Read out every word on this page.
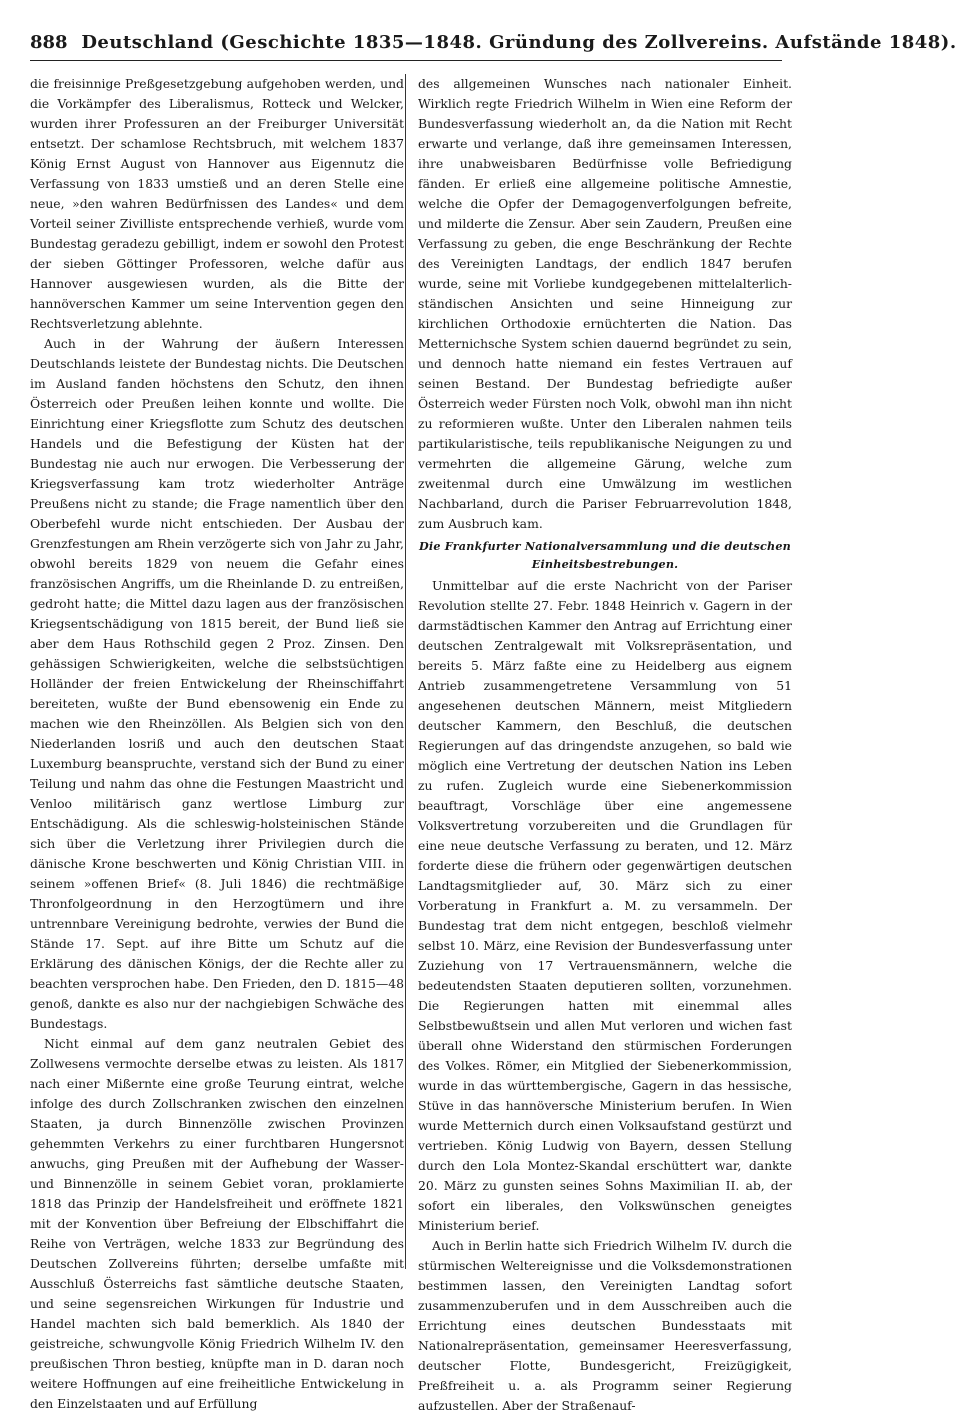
888 Deutschland (Geschichte 1835—1848. Gründung des Zollvereins. Aufstände 1848).

die freisinnige Preßgesetzgebung aufgehoben werden, und die Vorkämpfer des Liberalismus, Rotteck und Welcker, wurden ihrer Professuren an der Freiburger Universität entsetzt. Der schamlose Rechtsbruch, mit welchem 1837 König Ernst August von Hannover aus Eigennutz die Verfassung von 1833 umstieß und an deren Stelle eine neue, »den wahren Bedürfnissen des Landes« und dem Vorteil seiner Zivilliste entsprechende verhieß, wurde vom Bundestag geradezu gebilligt, indem er sowohl den Protest der sieben Göttinger Professoren, welche dafür aus Hannover ausgewiesen wurden, als die Bitte der hannöverschen Kammer um seine Intervention gegen den Rechtsverletzung ablehnte.

Auch in der Wahrung der äußern Interessen Deutschlands leistete der Bundestag nichts. Die Deutschen im Ausland fanden höchstens den Schutz, den ihnen Österreich oder Preußen leihen konnte und wollte. Die Einrichtung einer Kriegsflotte zum Schutz des deutschen Handels und die Befestigung der Küsten hat der Bundestag nie auch nur erwogen. Die Verbesserung der Kriegsverfassung kam trotz wiederholter Anträge Preußens nicht zu stande; die Frage namentlich über den Oberbefehl wurde nicht entschieden. Der Ausbau der Grenzfestungen am Rhein verzögerte sich von Jahr zu Jahr, obwohl bereits 1829 von neuem die Gefahr eines französischen Angriffs, um die Rheinlande D. zu entreißen, gedroht hatte; die Mittel dazu lagen aus der französischen Kriegsentschädigung von 1815 bereit, der Bund ließ sie aber dem Haus Rothschild gegen 2 Proz. Zinsen. Den gehässigen Schwierigkeiten, welche die selbstsüchtigen Holländer der freien Entwickelung der Rheinschiffahrt bereiteten, wußte der Bund ebensowenig ein Ende zu machen wie den Rheinzöllen. Als Belgien sich von den Niederlanden losriß und auch den deutschen Staat Luxemburg beanspruchte, verstand sich der Bund zu einer Teilung und nahm das ohne die Festungen Maastricht und Venloo militärisch ganz wertlose Limburg zur Entschädigung. Als die schleswig-holsteinischen Stände sich über die Verletzung ihrer Privilegien durch die dänische Krone beschwerten und König Christian VIII. in seinem »offenen Brief« (8. Juli 1846) die rechtmäßige Thronfolgeordnung in den Herzogtümern und ihre untrennbare Vereinigung bedrohte, verwies der Bund die Stände 17. Sept. auf ihre Bitte um Schutz auf die Erklärung des dänischen Königs, der die Rechte aller zu beachten versprochen habe. Den Frieden, den D. 1815—48 genoß, dankte es also nur der nachgiebigen Schwäche des Bundestags.

Nicht einmal auf dem ganz neutralen Gebiet des Zollwesens vermochte derselbe etwas zu leisten. Als 1817 nach einer Mißernte eine große Teurung eintrat, welche infolge des durch Zollschranken zwischen den einzelnen Staaten, ja durch Binnenzölle zwischen Provinzen gehemmten Verkehrs zu einer furchtbaren Hungersnot anwuchs, ging Preußen mit der Aufhebung der Wasser- und Binnenzölle in seinem Gebiet voran, proklamierte 1818 das Prinzip der Handelsfreiheit und eröffnete 1821 mit der Konvention über Befreiung der Elbschiffahrt die Reihe von Verträgen, welche 1833 zur Begründung des Deutschen Zollvereins führten; derselbe umfaßte mit Ausschluß Österreichs fast sämtliche deutsche Staaten, und seine segensreichen Wirkungen für Industrie und Handel machten sich bald bemerklich. Als 1840 der geistreiche, schwungvolle König Friedrich Wilhelm IV. den preußischen Thron bestieg, knüpfte man in D. daran noch weitere Hoffnungen auf eine freiheitliche Entwickelung in den Einzelstaaten und auf Erfüllung

des allgemeinen Wunsches nach nationaler Einheit. Wirklich regte Friedrich Wilhelm in Wien eine Reform der Bundesverfassung wiederholt an, da die Nation mit Recht erwarte und verlange, daß ihre gemeinsamen Interessen, ihre unabweisbaren Bedürfnisse volle Befriedigung fänden. Er erließ eine allgemeine politische Amnestie, welche die Opfer der Demagogenverfolgungen befreite, und milderte die Zensur. Aber sein Zaudern, Preußen eine Verfassung zu geben, die enge Beschränkung der Rechte des Vereinigten Landtags, der endlich 1847 berufen wurde, seine mit Vorliebe kundgegebenen mittelalterlich-ständischen Ansichten und seine Hinneigung zur kirchlichen Orthodoxie ernüchterten die Nation. Das Metternichsche System schien dauernd begründet zu sein, und dennoch hatte niemand ein festes Vertrauen auf seinen Bestand. Der Bundestag befriedigte außer Österreich weder Fürsten noch Volk, obwohl man ihn nicht zu reformieren wußte. Unter den Liberalen nahmen teils partikularistische, teils republikanische Neigungen zu und vermehrten die allgemeine Gärung, welche zum zweitenmal durch eine Umwälzung im westlichen Nachbarland, durch die Pariser Februarrevolution 1848, zum Ausbruch kam.

Die Frankfurter Nationalversammlung und die deutschen Einheitsbestrebungen.

Unmittelbar auf die erste Nachricht von der Pariser Revolution stellte 27. Febr. 1848 Heinrich v. Gagern in der darmstädtischen Kammer den Antrag auf Errichtung einer deutschen Zentralgewalt mit Volksrepräsentation, und bereits 5. März faßte eine zu Heidelberg aus eignem Antrieb zusammengetretene Versammlung von 51 angesehenen deutschen Männern, meist Mitgliedern deutscher Kammern, den Beschluß, die deutschen Regierungen auf das dringendste anzugehen, so bald wie möglich eine Vertretung der deutschen Nation ins Leben zu rufen. Zugleich wurde eine Siebenerkommission beauftragt, Vorschläge über eine angemessene Volksvertretung vorzubereiten und die Grundlagen für eine neue deutsche Verfassung zu beraten, und 12. März forderte diese die frühern oder gegenwärtigen deutschen Landtagsmitglieder auf, 30. März sich zu einer Vorberatung in Frankfurt a. M. zu versammeln. Der Bundestag trat dem nicht entgegen, beschloß vielmehr selbst 10. März, eine Revision der Bundesverfassung unter Zuziehung von 17 Vertrauensmännern, welche die bedeutendsten Staaten deputieren sollten, vorzunehmen. Die Regierungen hatten mit einemmal alles Selbstbewußtsein und allen Mut verloren und wichen fast überall ohne Widerstand den stürmischen Forderungen des Volkes. Römer, ein Mitglied der Siebenerkommission, wurde in das württembergische, Gagern in das hessische, Stüve in das hannöversche Ministerium berufen. In Wien wurde Metternich durch einen Volksaufstand gestürzt und vertrieben. König Ludwig von Bayern, dessen Stellung durch den Lola Montez-Skandal erschüttert war, dankte 20. März zu gunsten seines Sohns Maximilian II. ab, der sofort ein liberales, den Volkswünschen geneigtes Ministerium berief.

Auch in Berlin hatte sich Friedrich Wilhelm IV. durch die stürmischen Weltereignisse und die Volksdemonstrationen bestimmen lassen, den Vereinigten Landtag sofort zusammenzuberufen und in dem Ausschreiben auch die Errichtung eines deutschen Bundesstaats mit Nationalrepräsentation, gemeinsamer Heeresverfassung, deutscher Flotte, Bundesgericht, Freizügigkeit, Preßfreiheit u. a. als Programm seiner Regierung aufzustellen. Aber der Straßenauf-
